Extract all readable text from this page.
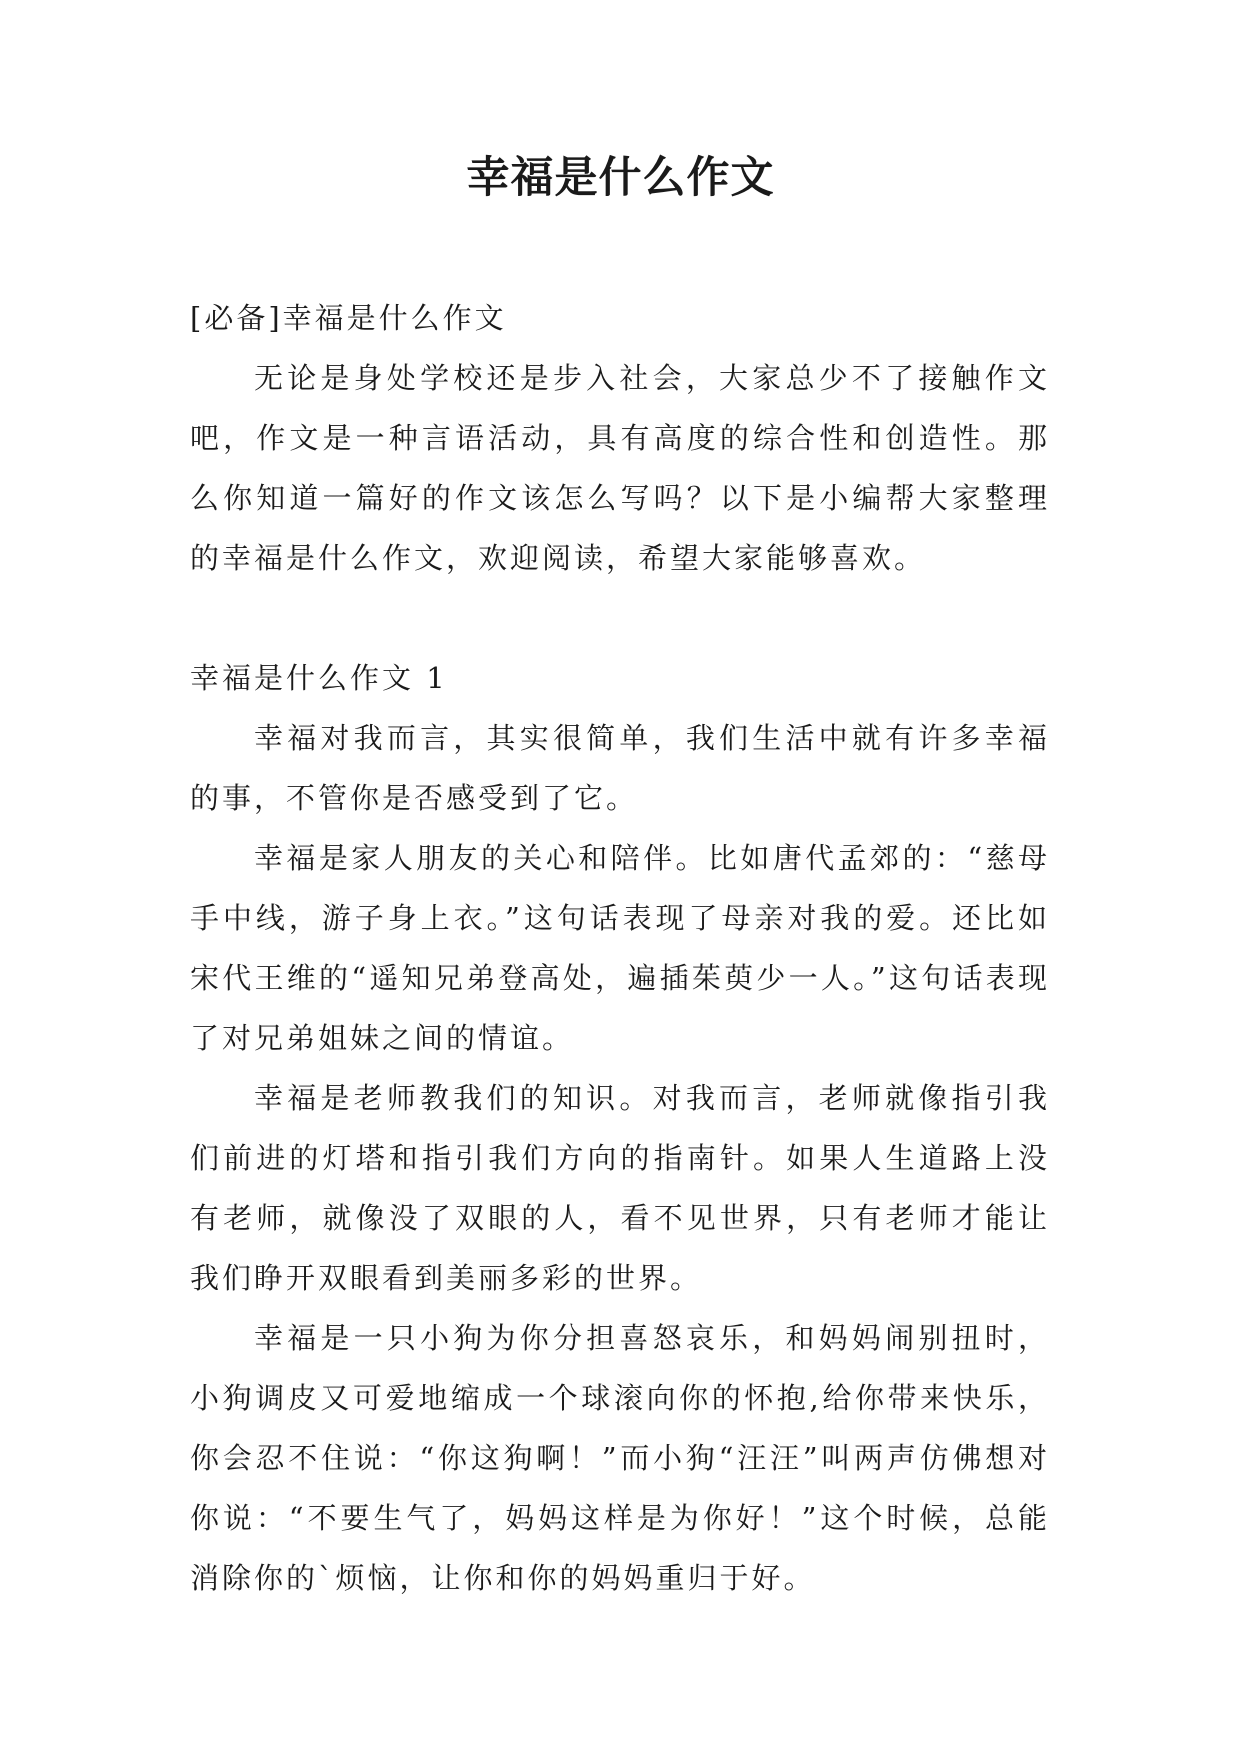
幸福是什么作文

[必备]幸福是什么作文

无论是身处学校还是步入社会，大家总少不了接触作文吧，作文是一种言语活动，具有高度的综合性和创造性。那么你知道一篇好的作文该怎么写吗？以下是小编帮大家整理的幸福是什么作文，欢迎阅读，希望大家能够喜欢。

幸福是什么作文 1

幸福对我而言，其实很简单，我们生活中就有许多幸福的事，不管你是否感受到了它。

幸福是家人朋友的关心和陪伴。比如唐代孟郊的：“慈母手中线，游子身上衣。”这句话表现了母亲对我的爱。还比如宋代王维的“遥知兄弟登高处，遍插茱萸少一人。”这句话表现了对兄弟姐妹之间的情谊。

幸福是老师教我们的知识。对我而言，老师就像指引我们前进的灯塔和指引我们方向的指南针。如果人生道路上没有老师，就像没了双眼的人，看不见世界，只有老师才能让我们睁开双眼看到美丽多彩的世界。

幸福是一只小狗为你分担喜怒哀乐，和妈妈闹别扭时，小狗调皮又可爱地缩成一个球滚向你的怀抱,给你带来快乐，你会忍不住说：“你这狗啊！”而小狗“汪汪”叫两声仿佛想对你说：“不要生气了，妈妈这样是为你好！”这个时候，总能消除你的`烦恼，让你和你的妈妈重归于好。
